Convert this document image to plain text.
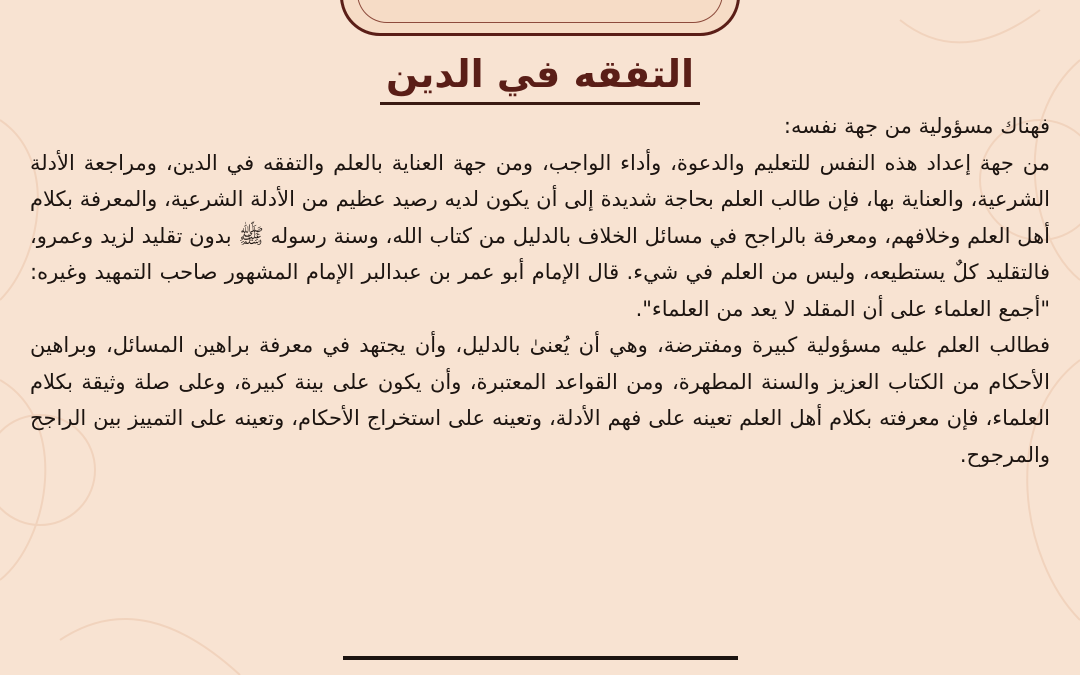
التفقه في الدين

فهناك مسؤولية من جهة نفسه:

من جهة إعداد هذه النفس للتعليم والدعوة، وأداء الواجب، ومن جهة العناية بالعلم والتفقه في الدين، ومراجعة الأدلة الشرعية، والعناية بها، فإن طالب العلم بحاجة شديدة إلى أن يكون لديه رصيد عظيم من الأدلة الشرعية، والمعرفة بكلام أهل العلم وخلافهم، ومعرفة بالراجح في مسائل الخلاف بالدليل من كتاب الله، وسنة رسوله ﷺ بدون تقليد لزيد وعمرو، فالتقليد كلٌ يستطيعه، وليس من العلم في شيء. قال الإمام أبو عمر بن عبدالبر الإمام المشهور صاحب التمهيد وغيره: "أجمع العلماء على أن المقلد لا يعد من العلماء".

فطالب العلم عليه مسؤولية كبيرة ومفترضة، وهي أن يُعنىٰ بالدليل، وأن يجتهد في معرفة براهين المسائل، وبراهين الأحكام من الكتاب العزيز والسنة المطهرة، ومن القواعد المعتبرة، وأن يكون على بينة كبيرة، وعلى صلة وثيقة بكلام العلماء، فإن معرفته بكلام أهل العلم تعينه على فهم الأدلة، وتعينه على استخراج الأحكام، وتعينه على التمييز بين الراجح والمرجوح.
